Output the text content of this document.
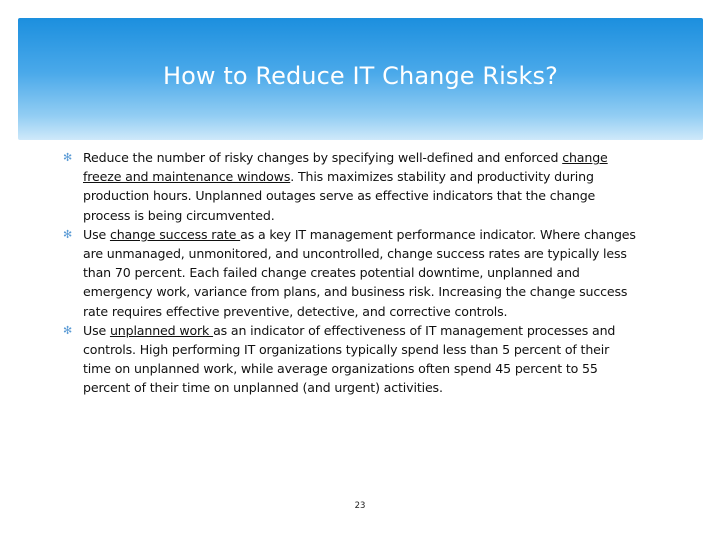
How to Reduce IT Change Risks?
✻ Reduce the number of risky changes by specifying well-defined and enforced change freeze and maintenance windows. This maximizes stability and productivity during production hours. Unplanned outages serve as effective indicators that the change process is being circumvented.
✻ Use change success rate as a key IT management performance indicator. Where changes are unmanaged, unmonitored, and uncontrolled, change success rates are typically less than 70 percent. Each failed change creates potential downtime, unplanned and emergency work, variance from plans, and business risk. Increasing the change success rate requires effective preventive, detective, and corrective controls.
✻ Use unplanned work as an indicator of effectiveness of IT management processes and controls. High performing IT organizations typically spend less than 5 percent of their time on unplanned work, while average organizations often spend 45 percent to 55 percent of their time on unplanned (and urgent) activities.
23
